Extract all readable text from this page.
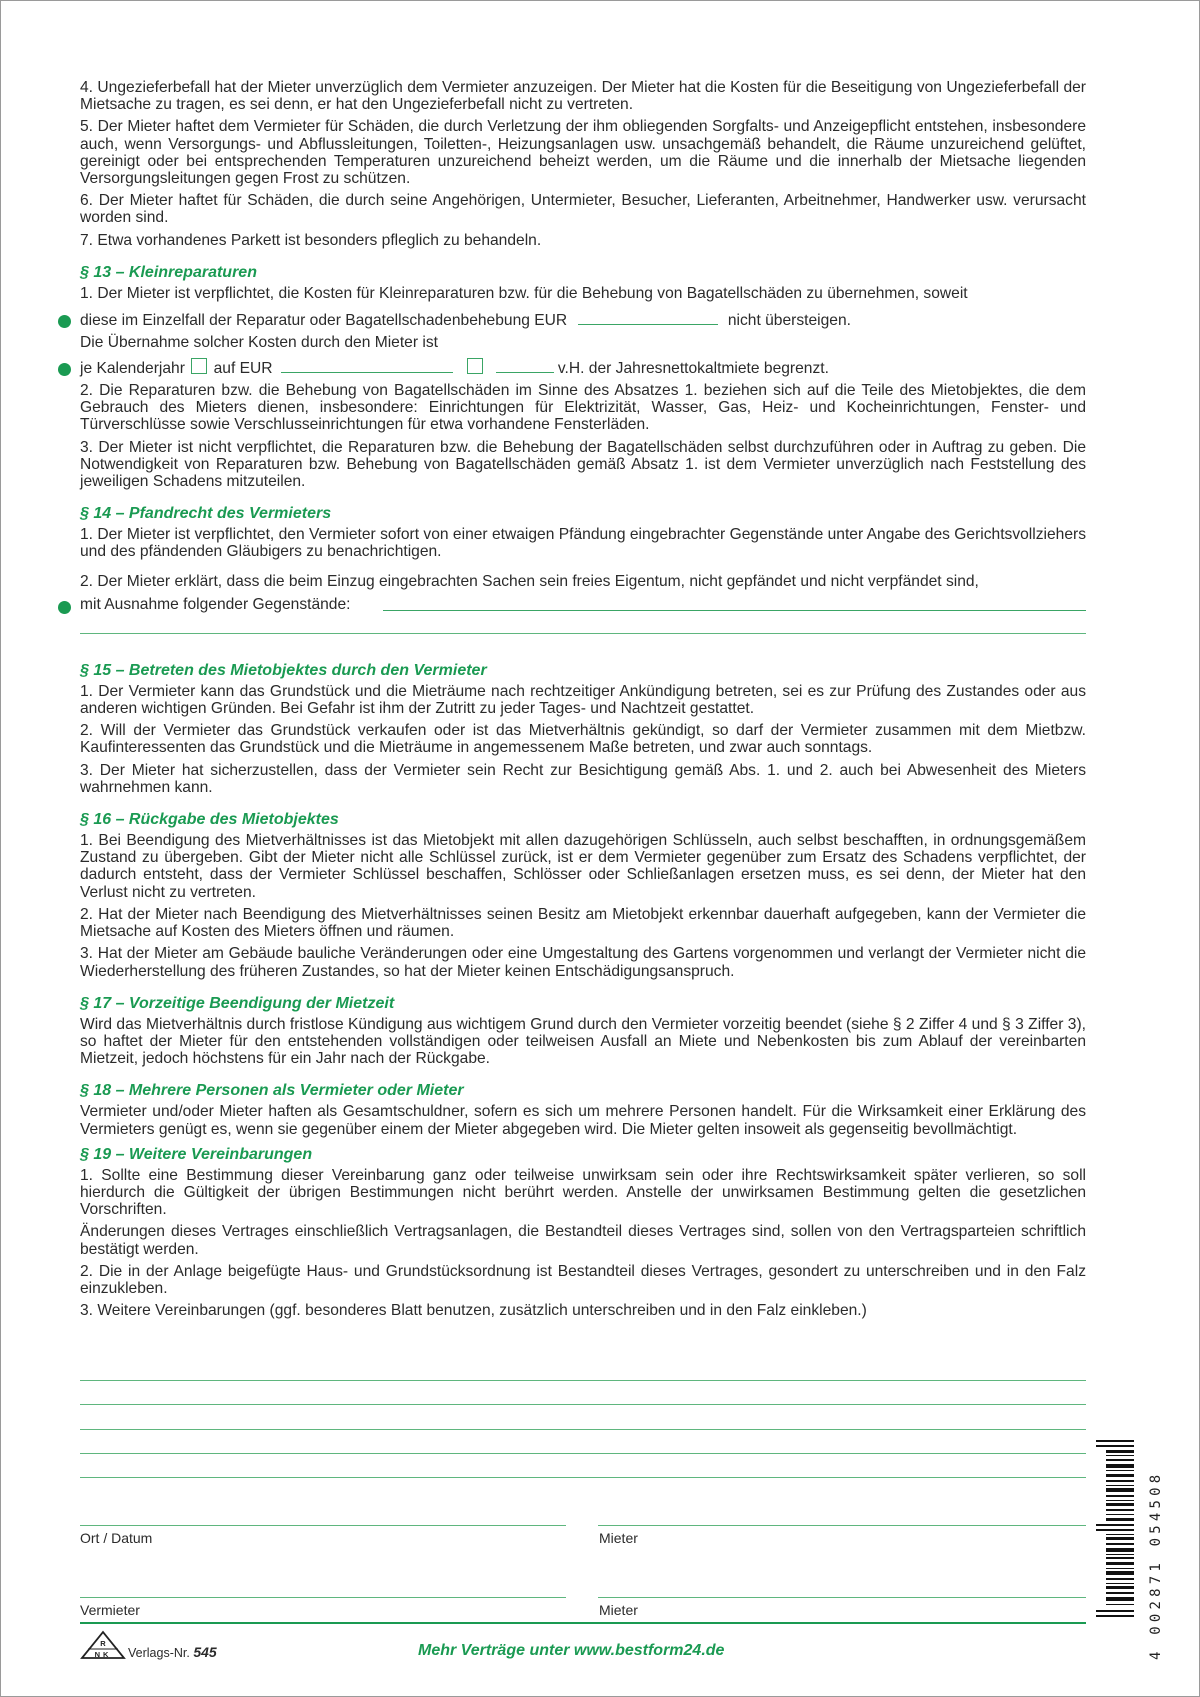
4. Ungezieferbefall hat der Mieter unverzüglich dem Vermieter anzuzeigen. Der Mieter hat die Kosten für die Beseitigung von Ungezieferbefall der Mietsache zu tragen, es sei denn, er hat den Ungezieferbefall nicht zu vertreten.

5. Der Mieter haftet dem Vermieter für Schäden, die durch Verletzung der ihm obliegenden Sorgfalts- und Anzeigepflicht entstehen, insbesondere auch, wenn Versorgungs- und Abflussleitungen, Toiletten-, Heizungsanlagen usw. unsachgemäß behandelt, die Räume unzureichend gelüftet, gereinigt oder bei entsprechenden Temperaturen unzureichend beheizt werden, um die Räume und die innerhalb der Mietsache liegenden Versorgungsleitungen gegen Frost zu schützen.

6. Der Mieter haftet für Schäden, die durch seine Angehörigen, Untermieter, Besucher, Lieferanten, Arbeitnehmer, Handwerker usw. verursacht worden sind.

7. Etwa vorhandenes Parkett ist besonders pfleglich zu behandeln.

§ 13 – Kleinreparaturen

1. Der Mieter ist verpflichtet, die Kosten für Kleinreparaturen bzw. für die Behebung von Bagatellschäden zu übernehmen, soweit

diese im Einzelfall der Reparatur oder Bagatellschadenbehebung EUR	nicht übersteigen.
Die Übernahme solcher Kosten durch den Mieter ist
je Kalenderjahr auf EUR	v.H. der Jahresnettokaltmiete begrenzt.

2. Die Reparaturen bzw. die Behebung von Bagatellschäden im Sinne des Absatzes 1. beziehen sich auf die Teile des Mietobjektes, die dem Gebrauch des Mieters dienen, insbesondere: Einrichtungen für Elektrizität, Wasser, Gas, Heiz- und Kocheinrichtungen, Fenster- und Türverschlüsse sowie Verschlusseinrichtungen für etwa vorhandene Fensterläden.

3. Der Mieter ist nicht verpflichtet, die Reparaturen bzw. die Behebung der Bagatellschäden selbst durchzuführen oder in Auftrag zu geben. Die Notwendigkeit von Reparaturen bzw. Behebung von Bagatellschäden gemäß Absatz 1. ist dem Vermieter unverzüglich nach Feststellung des jeweiligen Schadens mitzuteilen.

§ 14 – Pfandrecht des Vermieters

1. Der Mieter ist verpflichtet, den Vermieter sofort von einer etwaigen Pfändung eingebrachter Gegenstände unter Angabe des Gerichtsvollziehers und des pfändenden Gläubigers zu benachrichtigen.

2. Der Mieter erklärt, dass die beim Einzug eingebrachten Sachen sein freies Eigentum, nicht gepfändet und nicht verpfändet sind,

mit Ausnahme folgender Gegenstände:
§ 15 – Betreten des Mietobjektes durch den Vermieter

1. Der Vermieter kann das Grundstück und die Mieträume nach rechtzeitiger Ankündigung betreten, sei es zur Prüfung des Zustandes oder aus anderen wichtigen Gründen. Bei Gefahr ist ihm der Zutritt zu jeder Tages- und Nachtzeit gestattet.

2. Will der Vermieter das Grundstück verkaufen oder ist das Mietverhältnis gekündigt, so darf der Vermieter zusammen mit dem Mietbzw. Kaufinteressenten das Grundstück und die Mieträume in angemessenem Maße betreten, und zwar auch sonntags.

3. Der Mieter hat sicherzustellen, dass der Vermieter sein Recht zur Besichtigung gemäß Abs. 1. und 2. auch bei Abwesenheit des Mieters wahrnehmen kann.

§ 16 – Rückgabe des Mietobjektes

1. Bei Beendigung des Mietverhältnisses ist das Mietobjekt mit allen dazugehörigen Schlüsseln, auch selbst beschafften, in ordnungsgemäßem Zustand zu übergeben. Gibt der Mieter nicht alle Schlüssel zurück, ist er dem Vermieter gegenüber zum Ersatz des Schadens verpflichtet, der dadurch entsteht, dass der Vermieter Schlüssel beschaffen, Schlösser oder Schließanlagen ersetzen muss, es sei denn, der Mieter hat den Verlust nicht zu vertreten.

2. Hat der Mieter nach Beendigung des Mietverhältnisses seinen Besitz am Mietobjekt erkennbar dauerhaft aufgegeben, kann der Vermieter die Mietsache auf Kosten des Mieters öffnen und räumen.

3. Hat der Mieter am Gebäude bauliche Veränderungen oder eine Umgestaltung des Gartens vorgenommen und verlangt der Vermieter nicht die Wiederherstellung des früheren Zustandes, so hat der Mieter keinen Entschädigungsanspruch.

§ 17 – Vorzeitige Beendigung der Mietzeit

Wird das Mietverhältnis durch fristlose Kündigung aus wichtigem Grund durch den Vermieter vorzeitig beendet (siehe § 2 Ziffer 4 und § 3 Ziffer 3), so haftet der Mieter für den entstehenden vollständigen oder teilweisen Ausfall an Miete und Nebenkosten bis zum Ablauf der vereinbarten Mietzeit, jedoch höchstens für ein Jahr nach der Rückgabe.

§ 18 – Mehrere Personen als Vermieter oder Mieter

Vermieter und/oder Mieter haften als Gesamtschuldner, sofern es sich um mehrere Personen handelt. Für die Wirksamkeit einer Erklärung des Vermieters genügt es, wenn sie gegenüber einem der Mieter abgegeben wird. Die Mieter gelten insoweit als gegenseitig bevollmächtigt.

§ 19 – Weitere Vereinbarungen

1. Sollte eine Bestimmung dieser Vereinbarung ganz oder teilweise unwirksam sein oder ihre Rechtswirksamkeit später verlieren, so soll hierdurch die Gültigkeit der übrigen Bestimmungen nicht berührt werden. Anstelle der unwirksamen Bestimmung gelten die gesetzlichen Vorschriften.

Änderungen dieses Vertrages einschließlich Vertragsanlagen, die Bestandteil dieses Vertrages sind, sollen von den Vertragsparteien schriftlich bestätigt werden.

2. Die in der Anlage beigefügte Haus- und Grundstücksordnung ist Bestandteil dieses Vertrages, gesondert zu unterschreiben und in den Falz einzukleben.

3. Weitere Vereinbarungen (ggf. besonderes Blatt benutzen, zusätzlich unterschreiben und in den Falz einkleben.)

Ort / Datum	Mieter
Vermieter	Mieter
R
NK Verlags-Nr. 545	Mehr Verträge unter www.bestform24.de	4 002871 054508
